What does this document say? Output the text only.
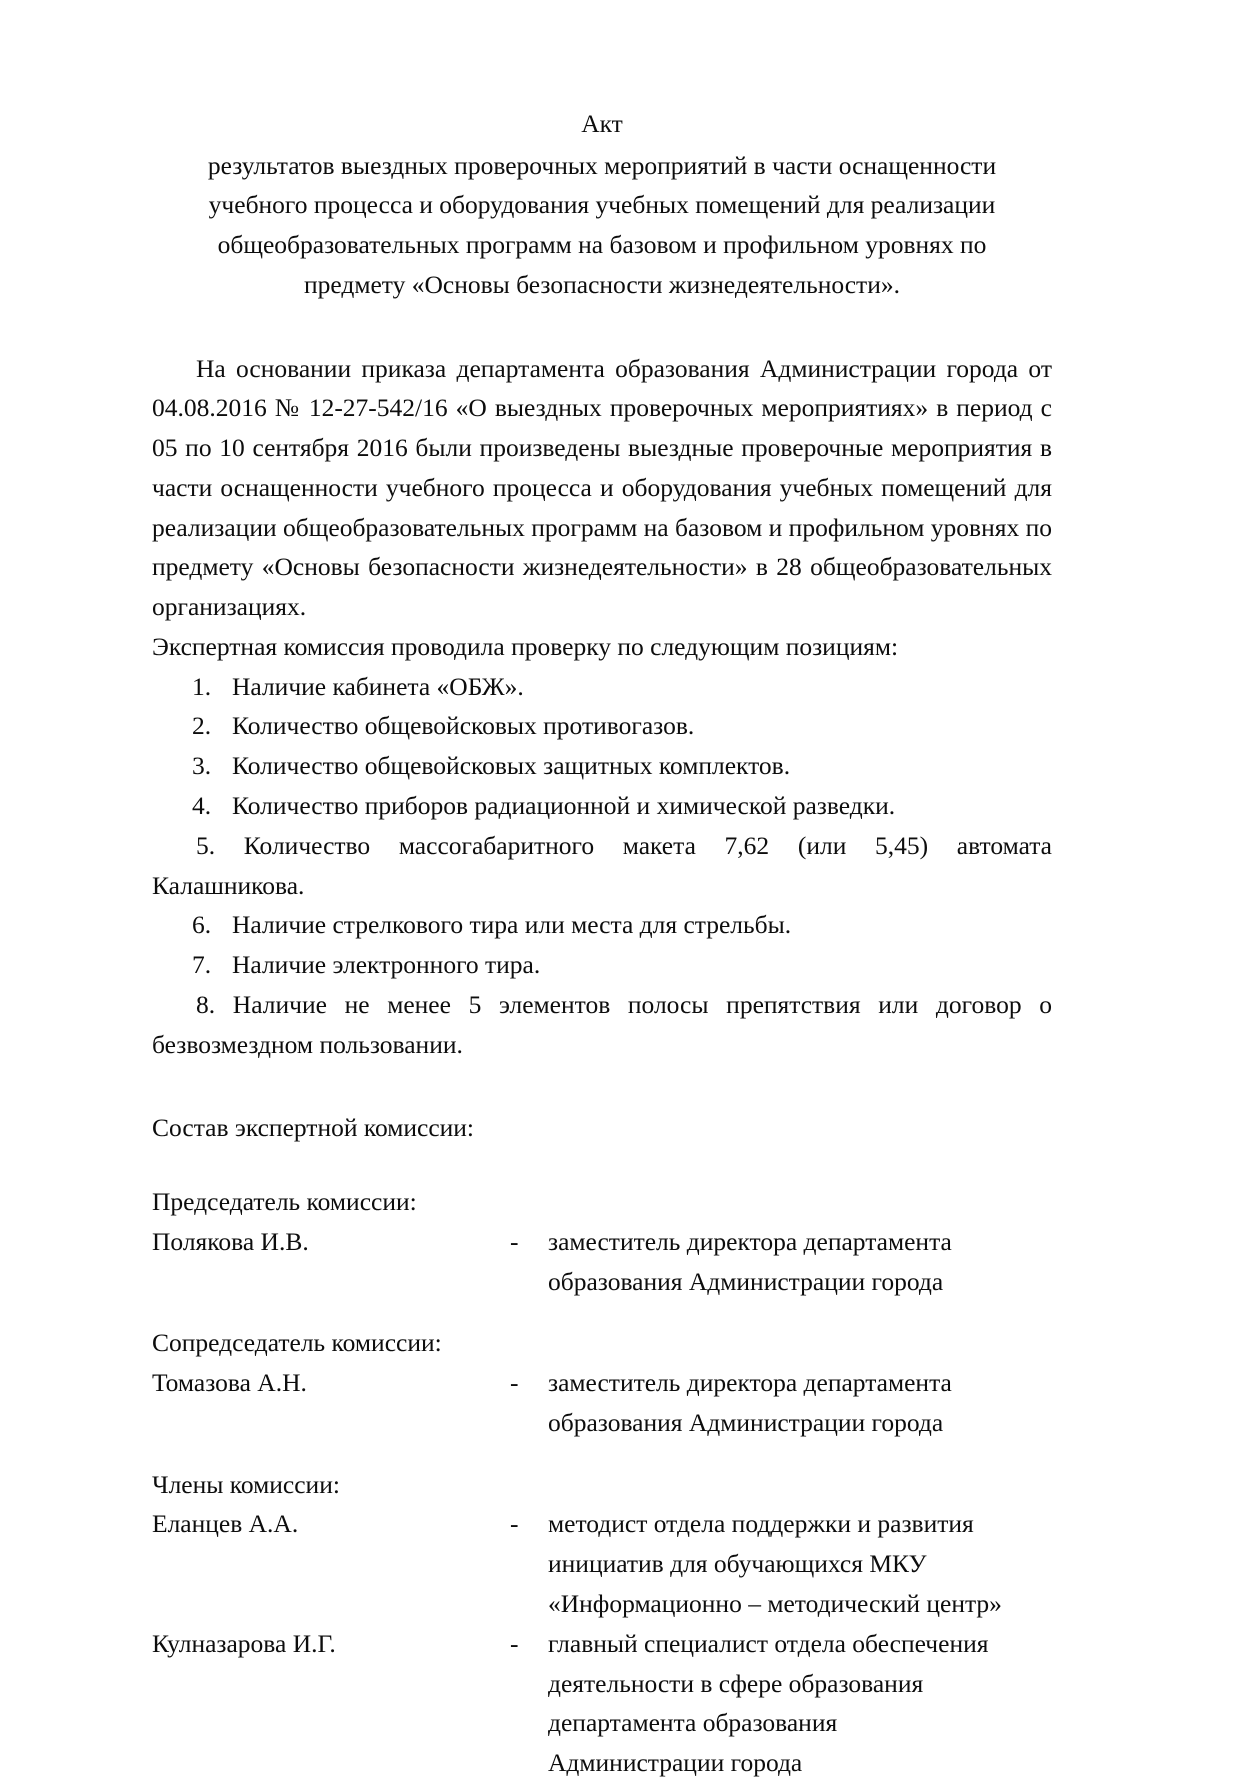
Акт

результатов выездных проверочных мероприятий в части оснащенности

учебного процесса и оборудования учебных помещений для реализации

общеобразовательных программ на базовом и профильном уровнях по

предмету «Основы безопасности жизнедеятельности».

На основании приказа департамента образования Администрации города от 04.08.2016 № 12-27-542/16 «О выездных проверочных мероприятиях» в период с 05 по 10 сентября 2016 были произведены выездные проверочные мероприятия в части оснащенности учебного процесса и оборудования учебных помещений для реализации общеобразовательных программ на базовом и профильном уровнях по предмету «Основы безопасности жизнедеятельности» в 28 общеобразовательных организациях.

Экспертная комиссия проводила проверку по следующим позициям:

1. Наличие кабинета «ОБЖ».
2. Количество общевойсковых противогазов.
3. Количество общевойсковых защитных комплектов.
4. Количество приборов радиационной и химической разведки.
5. Количество массогабаритного макета 7,62 (или 5,45) автомата Калашникова.
6. Наличие стрелкового тира или места для стрельбы.
7. Наличие электронного тира.
8. Наличие не менее 5 элементов полосы препятствия или договор о безвозмездном пользовании.

Состав экспертной комиссии:

Председатель комиссии:

Полякова И.В.	-	заместитель директора департамента
образования Администрации города

Сопредседатель комиссии:

Томазова А.Н.	-	заместитель директора департамента
образования Администрации города

Члены комиссии:

Еланцев А.А.	-	методист отдела поддержки и развития
инициатив для обучающихся МКУ
«Информационно – методический центр»
Кулназарова И.Г.	-	главный специалист отдела обеспечения
деятельности в сфере образования
департамента образования
Администрации города
